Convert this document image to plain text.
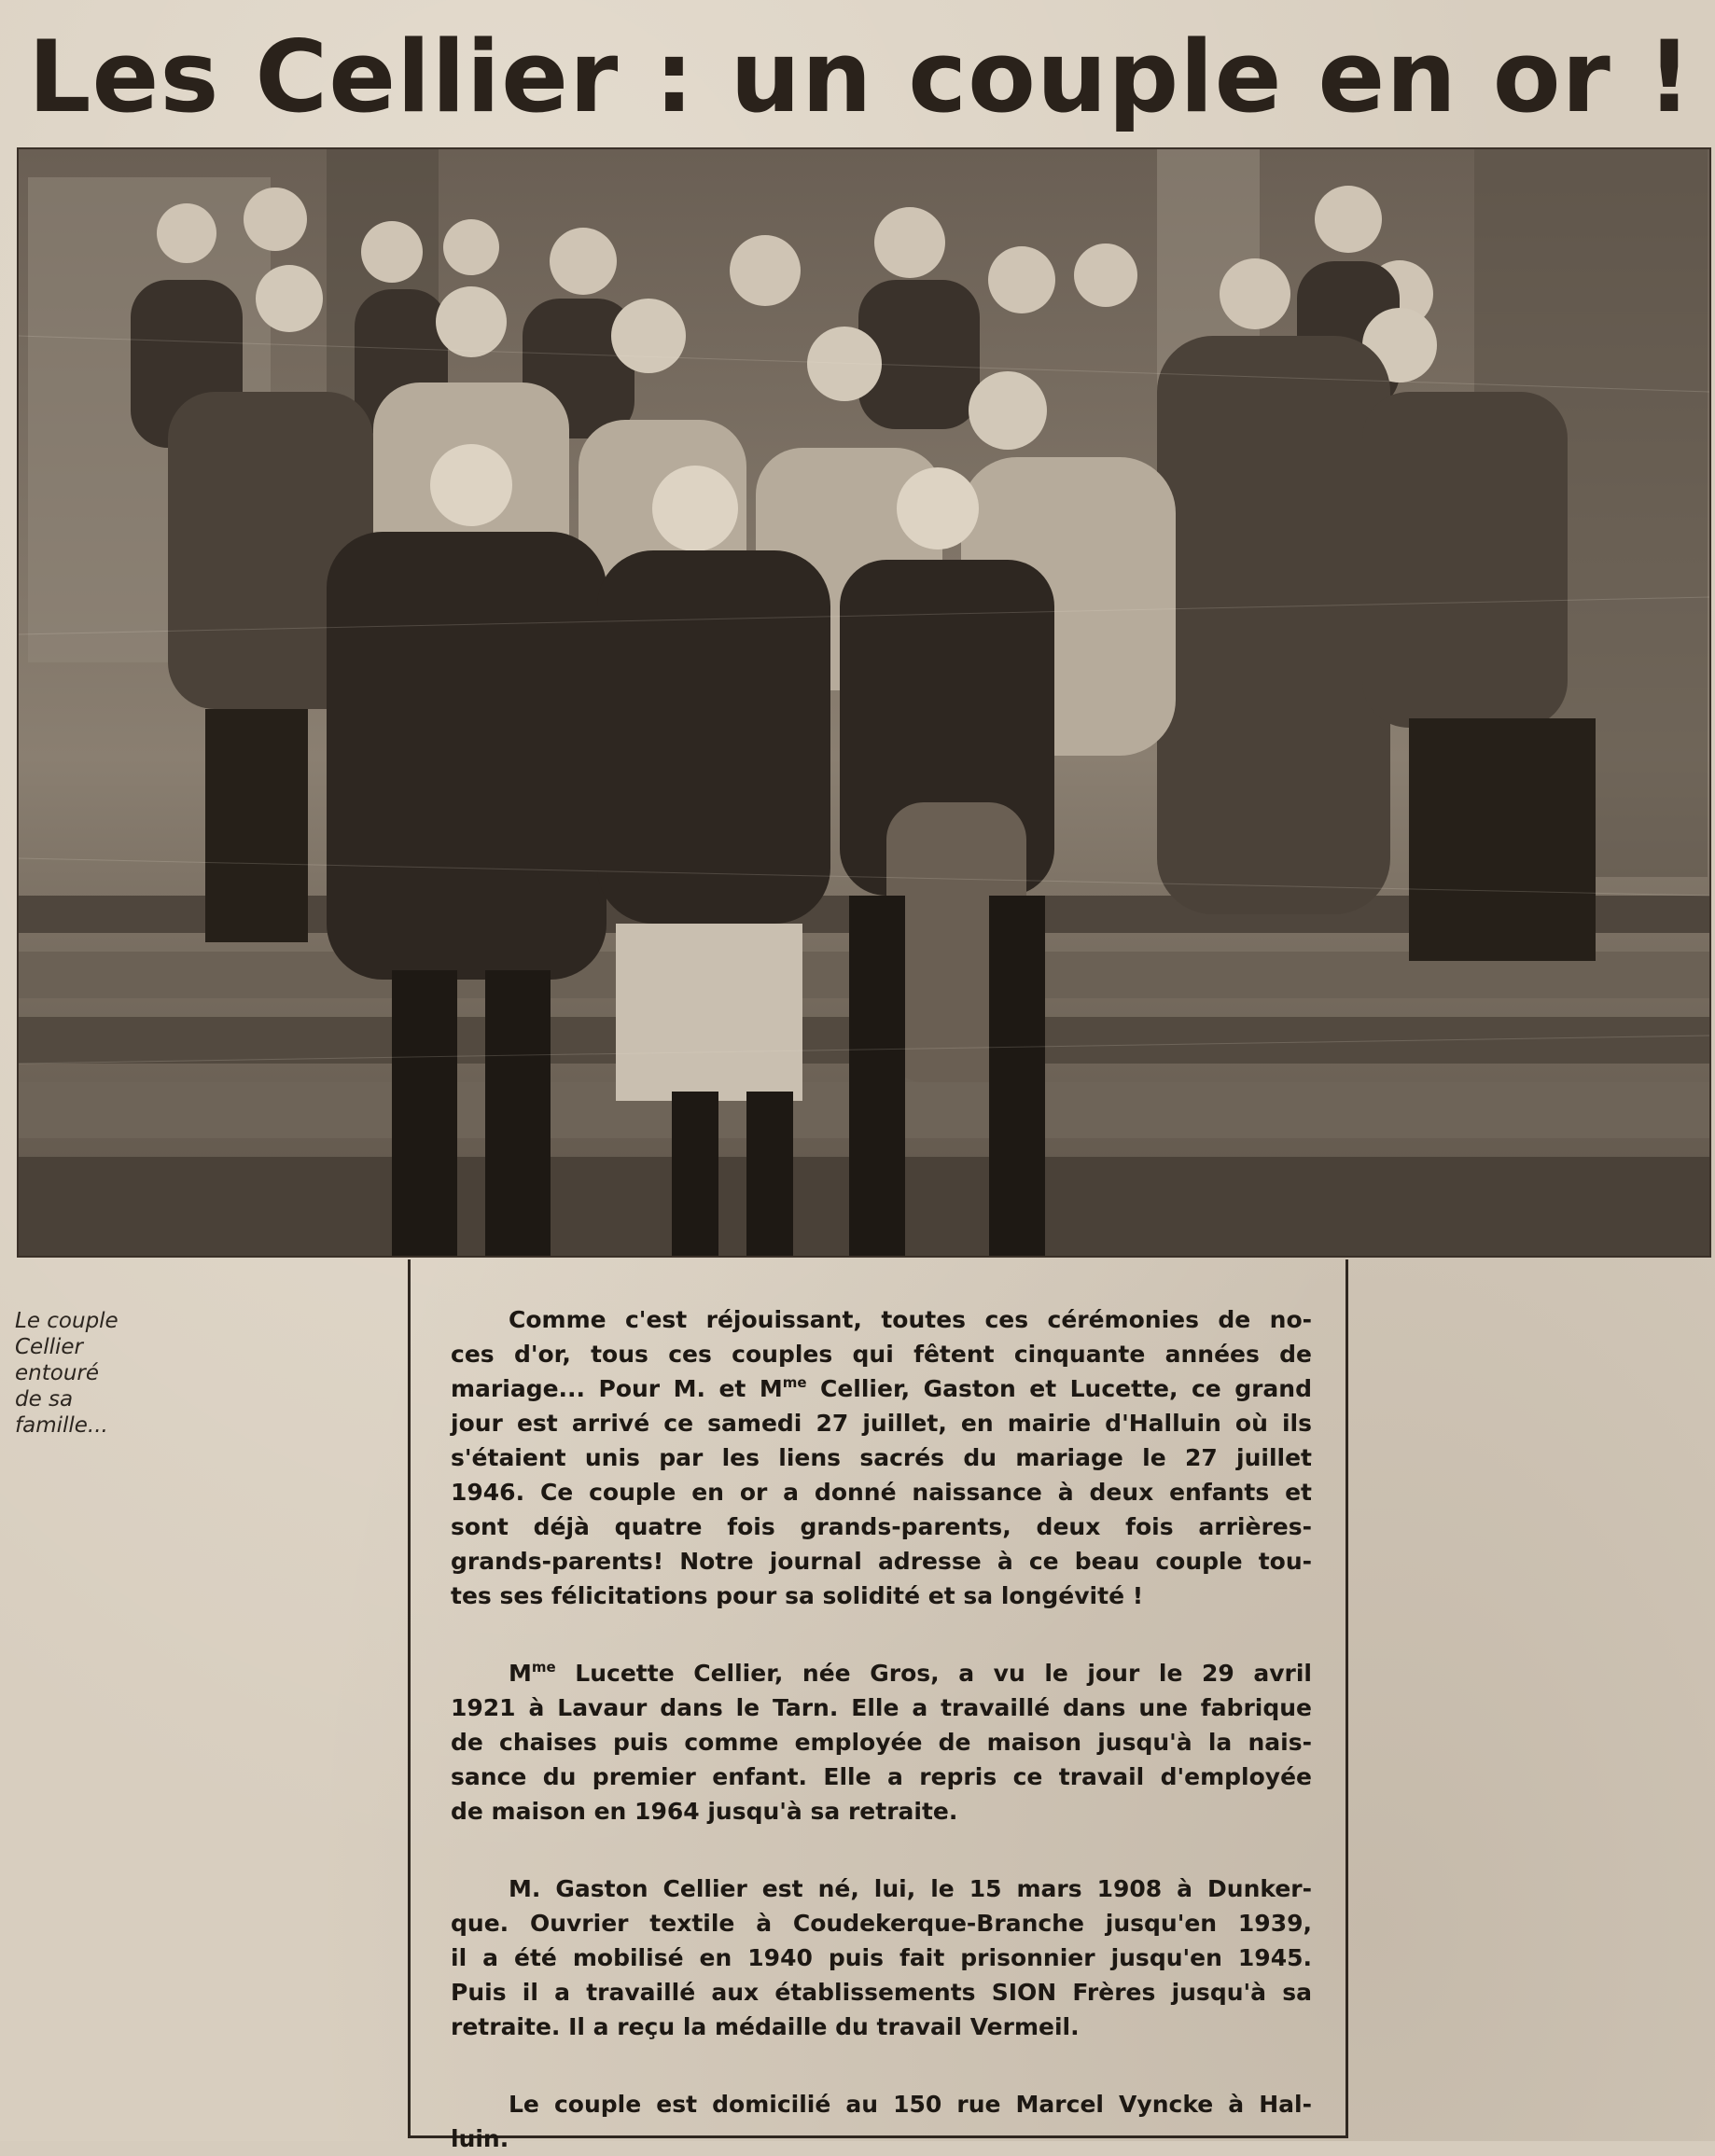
Les Cellier : un couple en or !
Le couple
Cellier
entouré
de sa
famille...
Comme c'est réjouissant, toutes ces cérémonies de no-
ces d'or, tous ces couples qui fêtent cinquante années de
mariage... Pour M. et $M^{me}$ Cellier, Gaston et Lucette, ce grand
jour est arrivé ce samedi 27 juillet, en mairie d'Halluin où ils
s'étaient unis par les liens sacrés du mariage le 27 juillet
1946. Ce couple en or a donné naissance à deux enfants et
sont déjà quatre fois grands-parents, deux fois arrières-
grands-parents! Notre journal adresse à ce beau couple tou-
tes ses félicitations pour sa solidité et sa longévité !
$M^{me}$ Lucette Cellier, née Gros, a vu le jour le 29 avril
1921 à Lavaur dans le Tarn. Elle a travaillé dans une fabrique
de chaises puis comme employée de maison jusqu'à la nais-
sance du premier enfant. Elle a repris ce travail d'employée
de maison en 1964 jusqu'à sa retraite.
M. Gaston Cellier est né, lui, le 15 mars 1908 à Dunker-
que. Ouvrier textile à Coudekerque-Branche jusqu'en 1939,
il a été mobilisé en 1940 puis fait prisonnier jusqu'en 1945.
Puis il a travaillé aux établissements SION Frères jusqu'à sa
retraite. Il a reçu la médaille du travail Vermeil.
Le couple est domicilié au 150 rue Marcel Vyncke à Hal-
luin.
